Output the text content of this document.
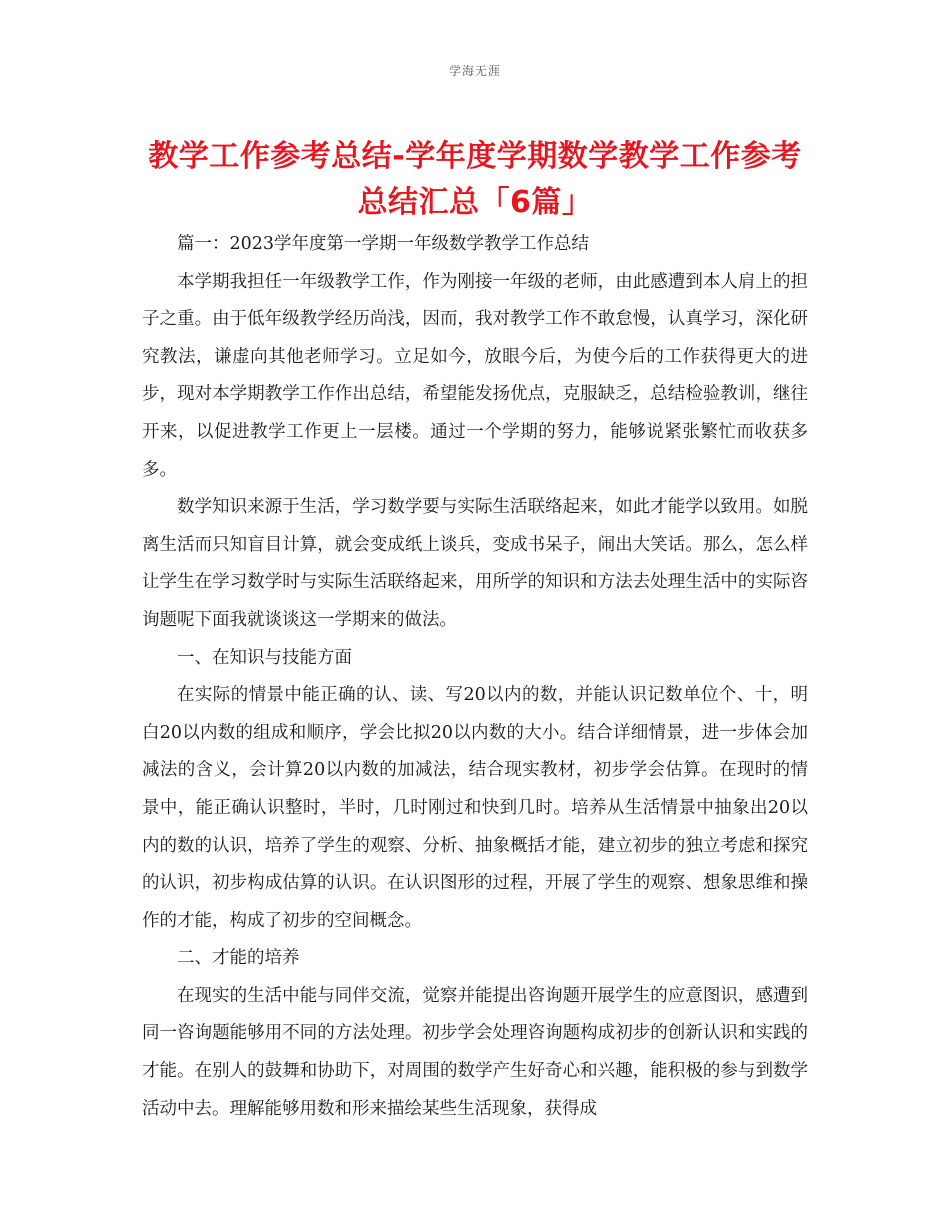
学海无涯
教学工作参考总结-学年度学期数学教学工作参考总结汇总「6篇」

篇一：2023学年度第一学期一年级数学教学工作总结

本学期我担任一年级教学工作，作为刚接一年级的老师，由此感遭到本人肩上的担子之重。由于低年级教学经历尚浅，因而，我对教学工作不敢怠慢，认真学习，深化研究教法，谦虚向其他老师学习。立足如今，放眼今后，为使今后的工作获得更大的进步，现对本学期教学工作作出总结，希望能发扬优点，克服缺乏，总结检验教训，继往开来，以促进教学工作更上一层楼。通过一个学期的努力，能够说紧张繁忙而收获多多。

数学知识来源于生活，学习数学要与实际生活联络起来，如此才能学以致用。如脱离生活而只知盲目计算，就会变成纸上谈兵，变成书呆子，闹出大笑话。那么，怎么样让学生在学习数学时与实际生活联络起来，用所学的知识和方法去处理生活中的实际咨询题呢下面我就谈谈这一学期来的做法。

一、在知识与技能方面

在实际的情景中能正确的认、读、写20以内的数，并能认识记数单位个、十，明白20以内数的组成和顺序，学会比拟20以内数的大小。结合详细情景，进一步体会加减法的含义，会计算20以内数的加减法，结合现实教材，初步学会估算。在现时的情景中，能正确认识整时，半时，几时刚过和快到几时。培养从生活情景中抽象出20以内的数的认识，培养了学生的观察、分析、抽象概括才能，建立初步的独立考虑和探究的认识，初步构成估算的认识。在认识图形的过程，开展了学生的观察、想象思维和操作的才能，构成了初步的空间概念。

二、才能的培养

在现实的生活中能与同伴交流，觉察并能提出咨询题开展学生的应意图识，感遭到同一咨询题能够用不同的方法处理。初步学会处理咨询题构成初步的创新认识和实践的才能。在别人的鼓舞和协助下，对周围的数学产生好奇心和兴趣，能积极的参与到数学活动中去。理解能够用数和形来描绘某些生活现象，获得成
